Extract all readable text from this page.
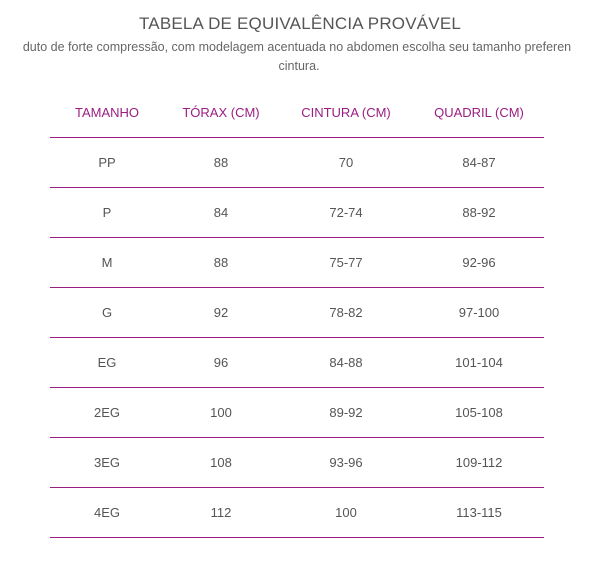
TABELA DE EQUIVALÊNCIA PROVÁVEL
duto de forte compressão, com modelagem acentuada no abdomen escolha seu tamanho preferen
cintura.
TAMANHO	TÓRAX (CM)	CINTURA (CM)	QUADRIL (CM)
PP	88	70	84-87
P	84	72-74	88-92
M	88	75-77	92-96
G	92	78-82	97-100
EG	96	84-88	101-104
2EG	100	89-92	105-108
3EG	108	93-96	109-112
4EG	112	100	113-115
